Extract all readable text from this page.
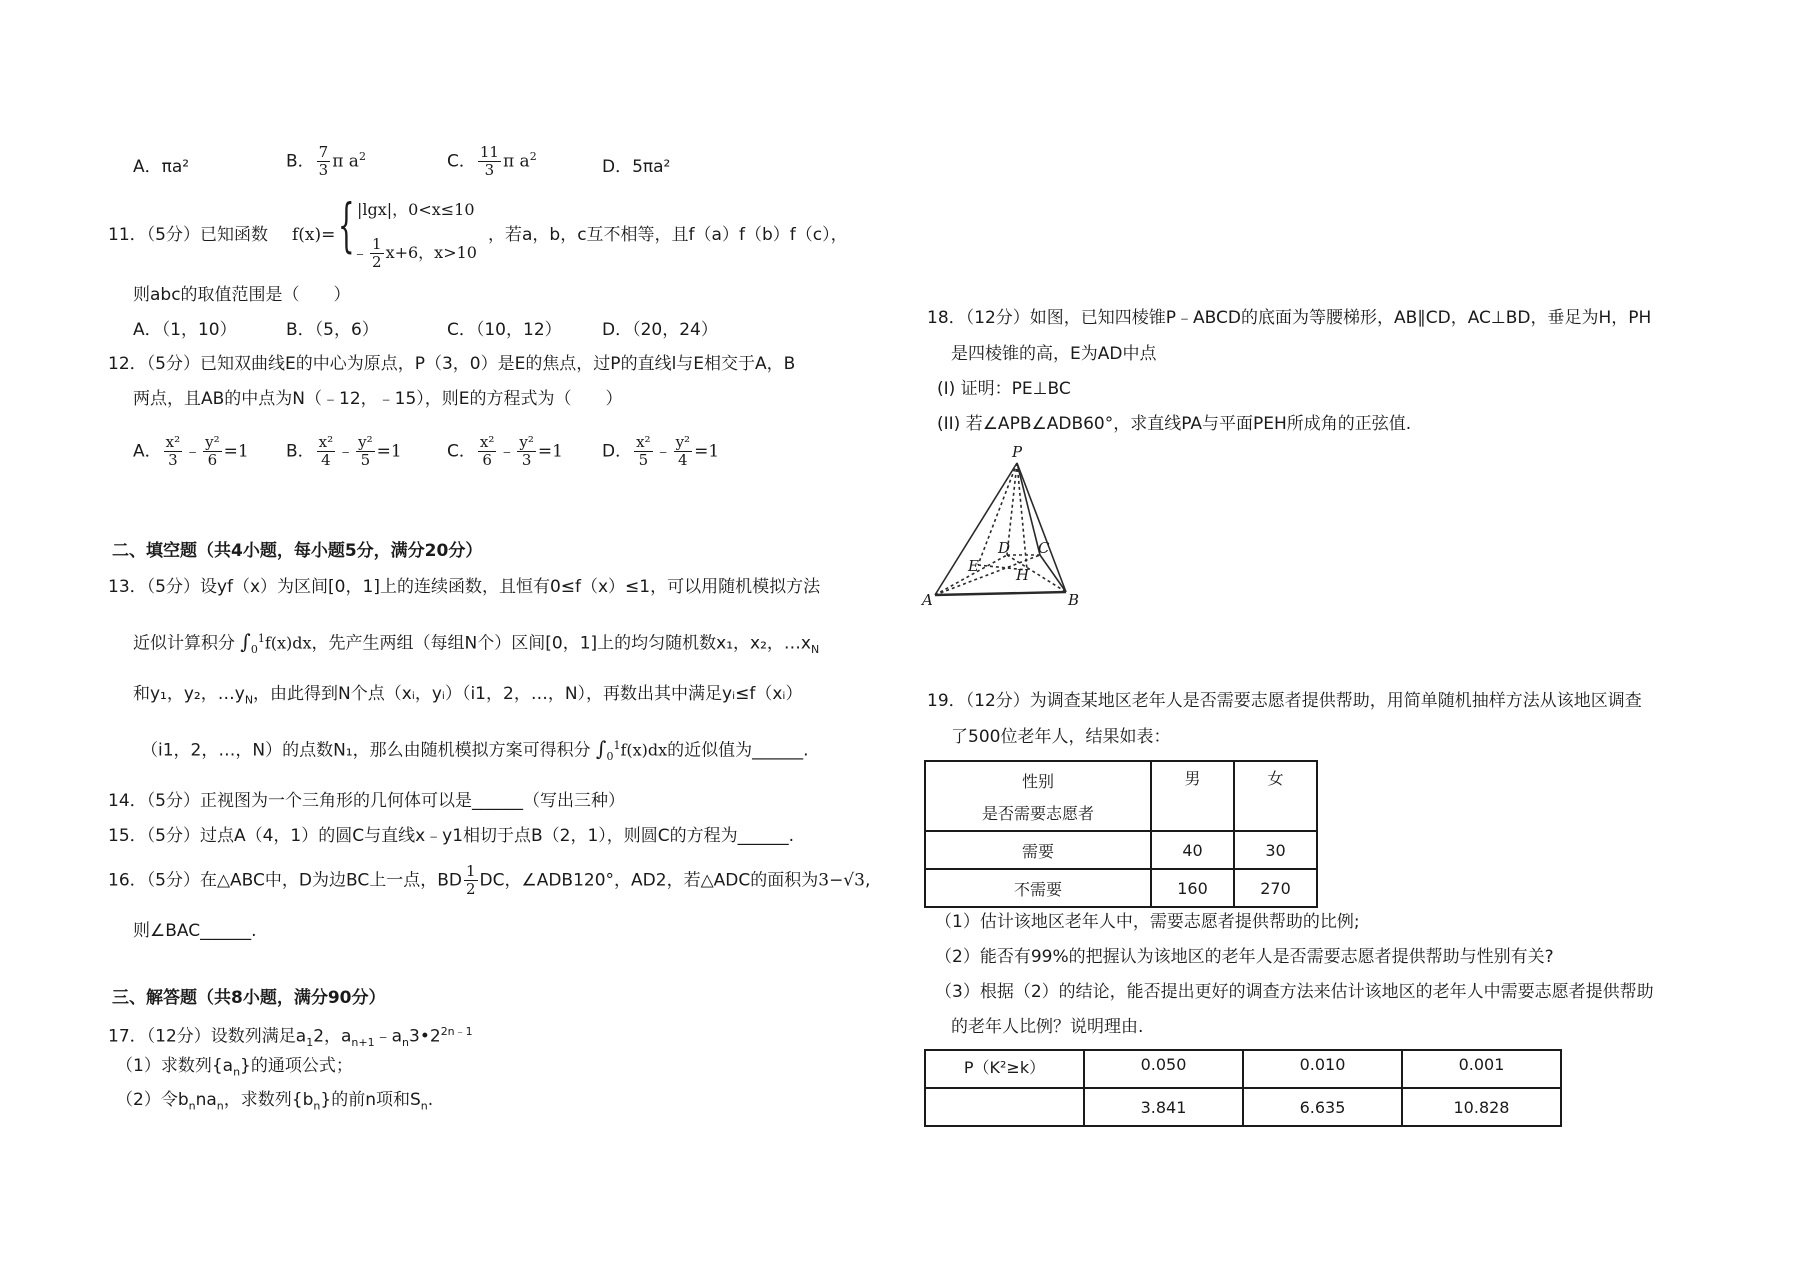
A．πa²	B． $\frac{7}{3}$ π $a^2$	C． $\frac{11}{3}$ π $a^2$
D．5πa²
11．（5分）已知函数 f(x)= { |lgx|，0<x≤10
﹣ $\frac{1}{2} x+6$，x>10
，若a，b，c互不相等，且f（a）f（b）f（c），
则abc的取值范围是（　　）
A．（1，10）	B．（5，6）	C．（10，12） D．（20，24）
12．（5分）已知双曲线E的中心为原点，P（3，0）是E的焦点，过P的直线l与E相交于A，B
两点，且AB的中点为N（﹣12，﹣15），则E的方程式为（　　）
A． $\frac{\text{x²}}{3}$ ﹣ $\frac{\text{y²}}{6} =1$ B． $\frac{\text{x²}}{4}$ ﹣ $\frac{\text{y²}}{5} =1$	C． $\frac{\text{x²}}{6}$ ﹣ $\frac{\text{y²}}{3} =1$ D． $\frac{\text{x²}}{5}$ ﹣ $\frac{\text{y²}}{4} =1$
二、填空题（共4小题，每小题5分，满分20分）
13．（5分）设yf（x）为区间[0，1]上的连续函数，且恒有0≤f（x）≤1，可以用随机模拟方法
近似计算积分 $\int_0^1f(x)dx$，先产生两组（每组N个）区间[0，1]上的均匀随机数x₁，x₂，$\dots x_N$
和y₁，y₂，$\dots y_N$，由此得到N个点（xᵢ，yᵢ）（i1，2，…，N），再数出其中满足yᵢ≤f（xᵢ）
（i1，2，…，N）的点数N₁，那么由随机模拟方案可得积分 $\int_0^1f(x)dx$的近似值为______.
14．（5分）正视图为一个三角形的几何体可以是______（写出三种）
15．（5分）过点A（4，1）的圆C与直线x﹣y1相切于点B（2，1），则圆C的方程为______.
16．（5分）在△ABC中，D为边BC上一点，BD $\frac{1}{2}$ DC，∠ADB120°，AD2，若△ADC的面积为3−√3,
则∠BAC______.
三、解答题（共8小题，满分90分）
17．（12分）设数列满足$a_12$，$a_{n+1}﹣a_n3•2^{2n﹣1}$
（1）求数列$\{a_n\}$的通项公式；
（2）令$b_nna_n$，求数列$\{b_n\}$的前n项和$S_n$.
18．（12分）如图，已知四棱锥P﹣ABCD的底面为等腰梯形，AB∥CD，AC⊥BD，垂足为H，PH
是四棱锥的高，E为AD中点
(I) 证明：PE⊥BC
(II) 若∠APB∠ADB60°，求直线PA与平面PEH所成角的正弦值.
P
A	B
C
D
E H
19．（12分）为调查某地区老年人是否需要志愿者提供帮助，用简单随机抽样方法从该地区调查
了500位老年人，结果如表：
性别
是否需要志愿者	男	女
需要	40	30
不需要	160	270
（1）估计该地区老年人中，需要志愿者提供帮助的比例;
（2）能否有99%的把握认为该地区的老年人是否需要志愿者提供帮助与性别有关?
（3）根据（2）的结论，能否提出更好的调查方法来估计该地区的老年人中需要志愿者提供帮助
的老年人比例？说明理由.
P（K²≥k）	0.050	0.010	0.001
	3.841	6.635	10.828
